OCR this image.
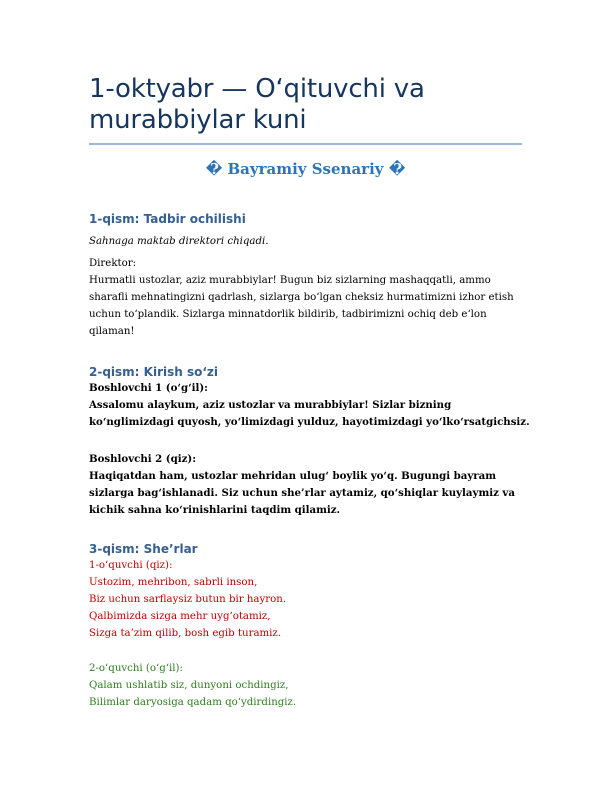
1-oktyabr — O‘qituvchi va murabbiylar kuni
� Bayramiy Ssenariy �
1-qism: Tadbir ochilishi
Sahnaga maktab direktori chiqadi.
Direktor:
Hurmatli ustozlar, aziz murabbiylar! Bugun biz sizlarning mashaqqatli, ammo
sharafli mehnatingizni qadrlash, sizlarga bo‘lgan cheksiz hurmatimizni izhor etish
uchun to‘plandik. Sizlarga minnatdorlik bildirib, tadbirimizni ochiq deb e‘lon
qilaman!
2-qism: Kirish so‘zi
Boshlovchi 1 (o‘g‘il):
Assalomu alaykum, aziz ustozlar va murabbiylar! Sizlar bizning
ko‘nglimizdagi quyosh, yo‘limizdagi yulduz, hayotimizdagi yo‘lko‘rsatgichsiz.
Boshlovchi 2 (qiz):
Haqiqatdan ham, ustozlar mehridan ulug‘ boylik yo‘q. Bugungi bayram
sizlarga bag‘ishlanadi. Siz uchun she’rlar aytamiz, qo‘shiqlar kuylaymiz va
kichik sahna ko‘rinishlarini taqdim qilamiz.
3-qism: She’rlar
1-o‘quvchi (qiz):
Ustozim, mehribon, sabrli inson,
Biz uchun sarflaysiz butun bir hayron.
Qalbimizda sizga mehr uyg‘otamiz,
Sizga ta’zim qilib, bosh egib turamiz.
2-o‘quvchi (o‘g‘il):
Qalam ushlatib siz, dunyoni ochdingiz,
Bilimlar daryosiga qadam qo‘ydirdingiz.
